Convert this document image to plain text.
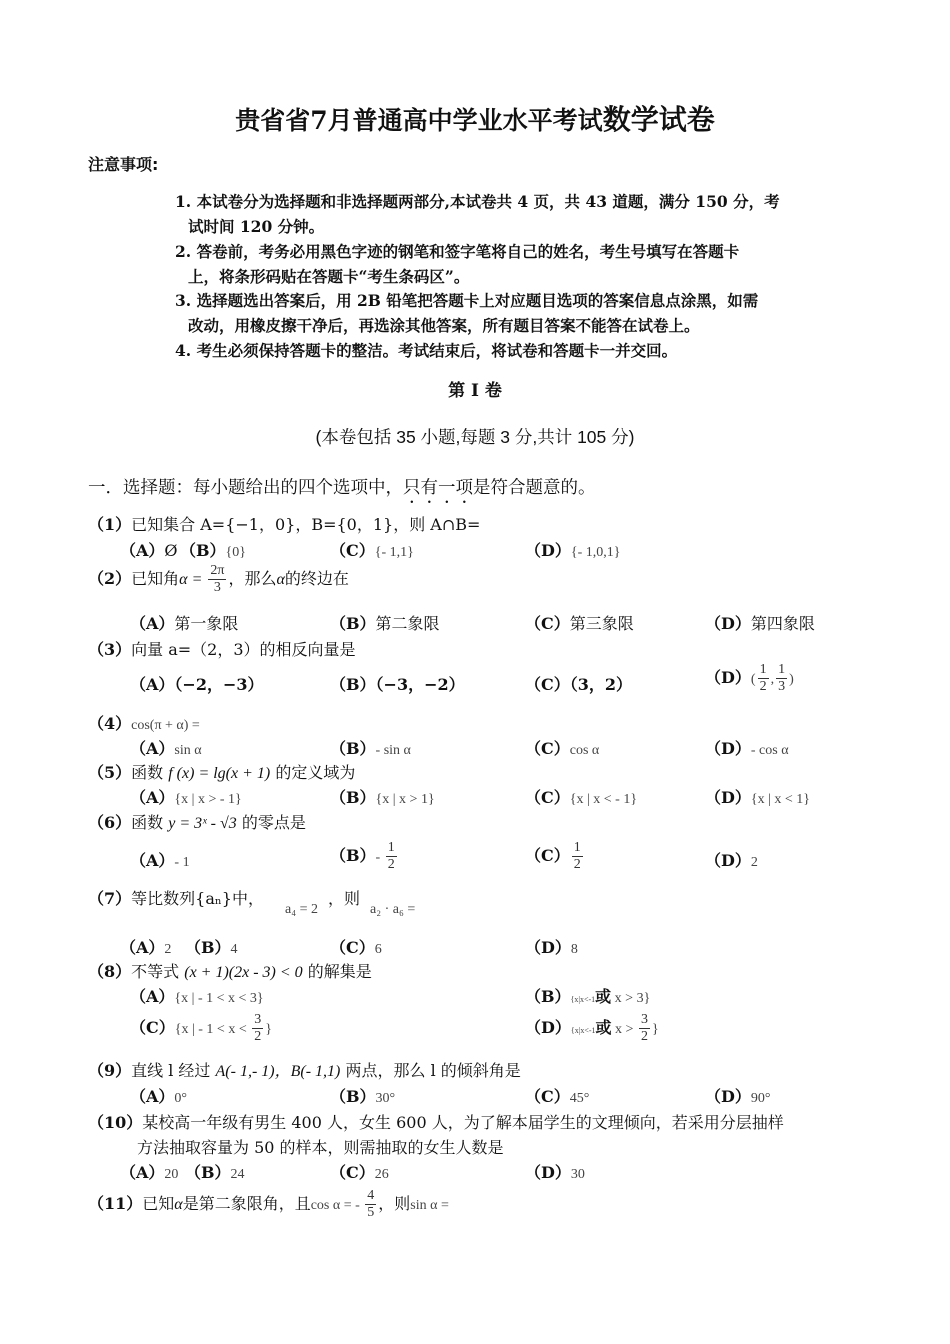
贵省省7月普通高中学业水平考试数学试卷
注意事项:
1. 本试卷分为选择题和非选择题两部分,本试卷共 4 页，共 43 道题，满分 150 分，考
试时间 120 分钟。
2. 答卷前，考务必用黑色字迹的钢笔和签字笔将自己的姓名，考生号填写在答题卡
上，将条形码贴在答题卡“考生条码区”。
3. 选择题选出答案后，用 2B 铅笔把答题卡上对应题目选项的答案信息点涂黑，如需
改动，用橡皮擦干净后，再选涂其他答案，所有题目答案不能答在试卷上。
4. 考生必须保持答题卡的整洁。考试结束后，将试卷和答题卡一并交回。
第 I 卷
(本卷包括 35 小题,每题 3 分,共计 105 分)
一．选择题：每小题给出的四个选项中，只有一项是符合题意的。
（1）已知集合 A={−1，0}，B={0，1}，则 A∩B=
（A）Ø （B）{0}	（C）{- 1,1}	（D）{- 1,0,1}
（2）已知角$\alpha = \frac{2\pi}{3}$ ，那么α的终边在
（A）第一象限	（B）第二象限	（C）第三象限	（D）第四象限
（3）向量 a=（2，3）的相反向量是
（A）（−2，−3）	（B）（−3，−2）	（C）（3，2）	$(D)( \frac{1}{2}$ , $\frac{1}{3}$ )
（4）cos(π + α) =
（A）sin α	（B）- sin α	（C）cos α	（D）- cos α
（5）函数 f (x) = lg(x + 1) 的定义域为
（A）{x | x > - 1}	（B）{x | x > 1}	（C）{x | x < - 1}	（D）{x | x < 1}
（6）函数 y = 3ˣ - √3 的零点是
（A）- 1	$(B)- \frac{1}{2}$	$(C) \frac{1}{2}$	（D）2
（7）等比数列{aₙ}中，
a₄ = 2
，则
a₂ · a₆ =
（A）2 （B）4	（C）6	（D）8
（8）不等式 (x + 1)(2x - 3) < 0 的解集是
（A）{x | - 1 < x < 3}	（B）{x|x<-1或 x > 3}
（C）{x | - $1 < x < \frac{3}{2}$ }	（D）{x|x<-1或 $x > \frac{3}{2}$ }
（9）直线 l 经过 A(- 1,- 1)，B(- 1,1) 两点，那么 l 的倾斜角是
（A）0°	（B）30°	（C）45°	（D）90°
（10）某校高一年级有男生 400 人，女生 600 人，为了解本届学生的文理倾向，若采用分层抽样
方法抽取容量为 50 的样本，则需抽取的女生人数是
（A）20 （B）24	（C）26	（D）30
（11）已知α是第二象限角，且cos α = - $\frac{4}{5}$ ，则sin α =
